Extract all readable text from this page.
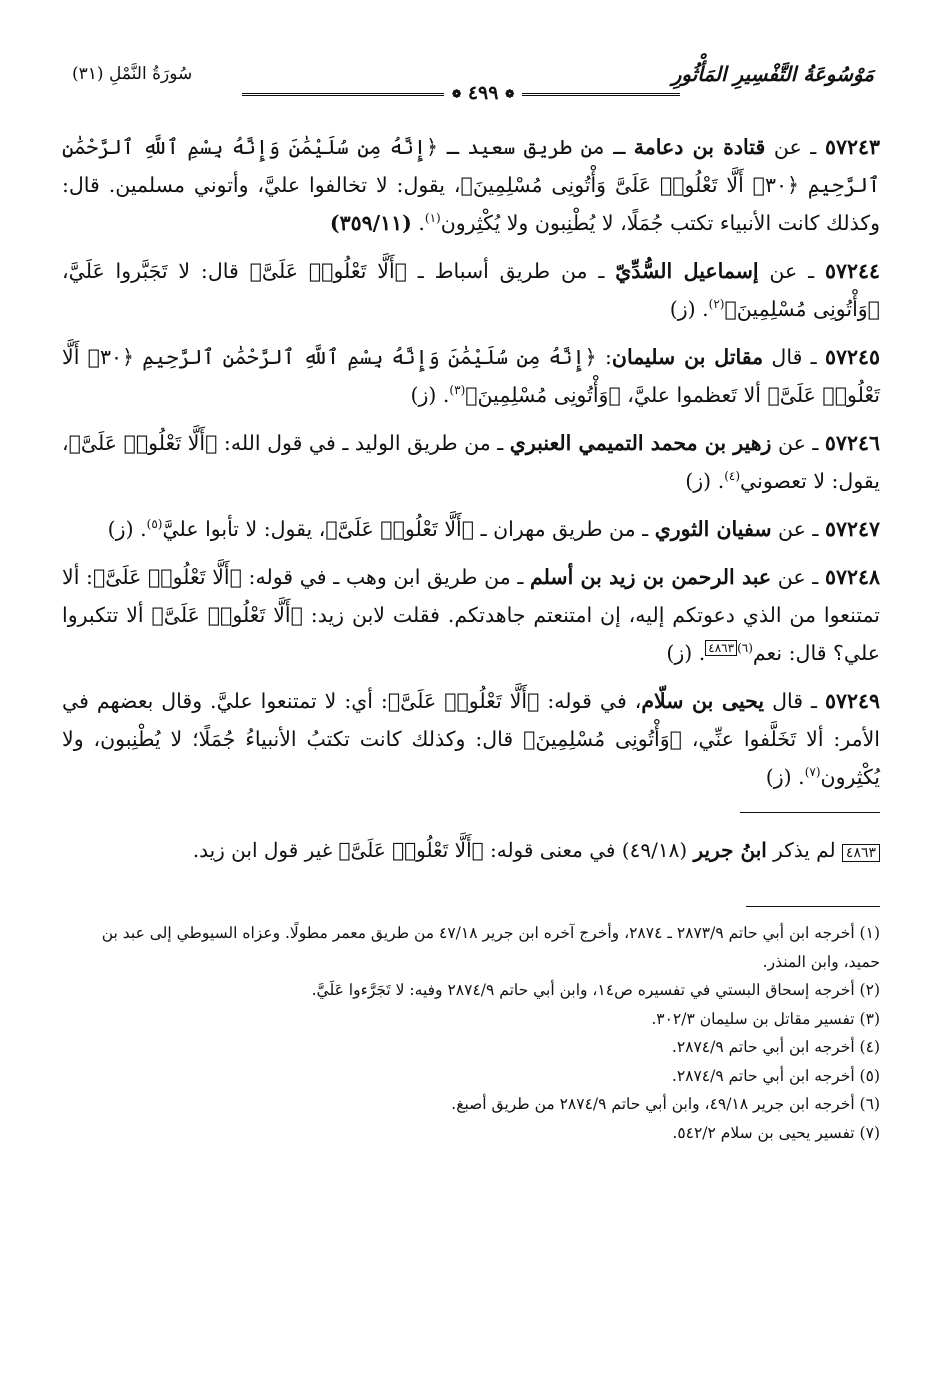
مَوْسُوعَةُ التَّفْسِيرِ المَأْثُورِ
❁ ٤٩٩ ❁
سُورَةُ النَّمْلِ (٣١)

٥٧٢٤٣ ـ عن قتادة بن دعامة ـ من طريق سعيد ـ ﴿إِنَّهُ مِن سُلَيْمَٰنَ وَإِنَّهُ بِسْمِ ٱللَّهِ ٱلرَّحْمَٰنِ ٱلرَّحِيمِ ﴿٣٠﴾ أَلَّا تَعْلُوا۟ عَلَىَّ وَأْتُونِى مُسْلِمِينَ﴾، يقول: لا تخالفوا عليَّ، وأتوني مسلمين. قال: وكذلك كانت الأنبياء تكتب جُمَلًا، لا يُطْنِبون ولا يُكْثِرون$^{(١)}$. (٣٥٩/١١)

٥٧٢٤٤ ـ عن إسماعيل السُّدِّيّ ـ من طريق أسباط ـ ﴿أَلَّا تَعْلُوا۟ عَلَىَّ﴾ قال: لا تَجَبَّروا عَلَيَّ، ﴿وَأْتُونِى مُسْلِمِينَ﴾$^{(٢)}$. (ز)

٥٧٢٤٥ ـ قال مقاتل بن سليمان: ﴿إِنَّهُ مِن سُلَيْمَٰنَ وَإِنَّهُ بِسْمِ ٱللَّهِ ٱلرَّحْمَٰنِ ٱلرَّحِيمِ ﴿٣٠﴾ أَلَّا تَعْلُوا۟ عَلَىَّ﴾ ألا تَعظموا عليَّ، ﴿وَأْتُونِى مُسْلِمِينَ﴾$^{(٣)}$. (ز)

٥٧٢٤٦ ـ عن زهير بن محمد التميمي العنبري ـ من طريق الوليد ـ في قول الله: ﴿أَلَّا تَعْلُوا۟ عَلَىَّ﴾، يقول: لا تعصوني$^{(٤)}$. (ز)

٥٧٢٤٧ ـ عن سفيان الثوري ـ من طريق مهران ـ ﴿أَلَّا تَعْلُوا۟ عَلَىَّ﴾، يقول: لا تأبوا عليَّ$^{(٥)}$. (ز)

٥٧٢٤٨ ـ عن عبد الرحمن بن زيد بن أسلم ـ من طريق ابن وهب ـ في قوله: ﴿أَلَّا تَعْلُوا۟ عَلَىَّ﴾: ألا تمتنعوا من الذي دعوتكم إليه، إن امتنعتم جاهدتكم. فقلت لابن زيد: ﴿أَلَّا تَعْلُوا۟ عَلَىَّ﴾ ألا تتكبروا علي؟ قال: نعم$^{(٦)٤٨٦٣}$. (ز)

٥٧٢٤٩ ـ قال يحيى بن سلّام، في قوله: ﴿أَلَّا تَعْلُوا۟ عَلَىَّ﴾: أي: لا تمتنعوا عليَّ. وقال بعضهم في الأمر: ألا تَخَلَّفوا عنِّي، ﴿وَأْتُونِى مُسْلِمِينَ﴾ قال: وكذلك كانت تكتبُ الأنبياءُ جُمَلًا؛ لا يُطْنِبون، ولا يُكْثِرون$^{(٧)}$. (ز)

٤٨٦٣ لم يذكر ابنُ جرير (٤٩/١٨) في معنى قوله: ﴿أَلَّا تَعْلُوا۟ عَلَىَّ﴾ غير قول ابن زيد.

(١) أخرجه ابن أبي حاتم ٢٨٧٣/٩ ـ ٢٨٧٤، وأخرج آخره ابن جرير ٤٧/١٨ من طريق معمر مطولًا. وعزاه السيوطي إلى عبد بن حميد، وابن المنذر.
(٢) أخرجه إسحاق البستي في تفسيره ص١٤، وابن أبي حاتم ٢٨٧٤/٩ وفيه: لا تَجَرَّءوا عَلَيَّ.
(٣) تفسير مقاتل بن سليمان ٣٠٢/٣.
(٤) أخرجه ابن أبي حاتم ٢٨٧٤/٩.
(٥) أخرجه ابن أبي حاتم ٢٨٧٤/٩.
(٦) أخرجه ابن جرير ٤٩/١٨، وابن أبي حاتم ٢٨٧٤/٩ من طريق أصبغ.
(٧) تفسير يحيى بن سلام ٥٤٢/٢.
